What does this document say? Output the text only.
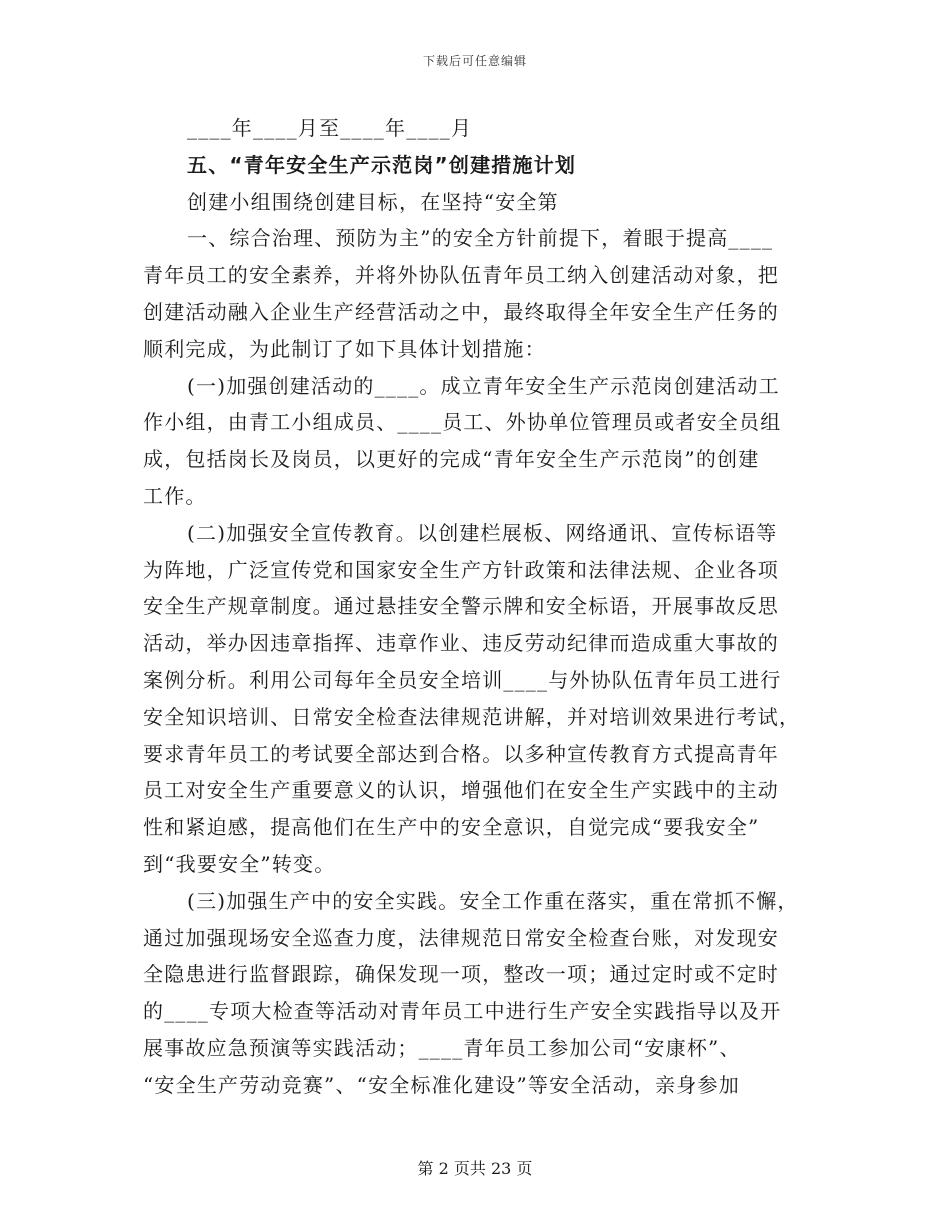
下载后可任意编辑
____年____月至____年____月
五、“青年安全生产示范岗”创建措施计划
创建小组围绕创建目标，在坚持“安全第
一、综合治理、预防为主”的安全方针前提下，着眼于提高____
青年员工的安全素养，并将外协队伍青年员工纳入创建活动对象，把
创建活动融入企业生产经营活动之中，最终取得全年安全生产任务的
顺利完成，为此制订了如下具体计划措施：
(一)加强创建活动的____。成立青年安全生产示范岗创建活动工
作小组，由青工小组成员、____员工、外协单位管理员或者安全员组
成，包括岗长及岗员，以更好的完成“青年安全生产示范岗”的创建
工作。
(二)加强安全宣传教育。以创建栏展板、网络通讯、宣传标语等
为阵地，广泛宣传党和国家安全生产方针政策和法律法规、企业各项
安全生产规章制度。通过悬挂安全警示牌和安全标语，开展事故反思
活动，举办因违章指挥、违章作业、违反劳动纪律而造成重大事故的
案例分析。利用公司每年全员安全培训____与外协队伍青年员工进行
安全知识培训、日常安全检查法律规范讲解，并对培训效果进行考试，
要求青年员工的考试要全部达到合格。以多种宣传教育方式提高青年
员工对安全生产重要意义的认识，增强他们在安全生产实践中的主动
性和紧迫感，提高他们在生产中的安全意识，自觉完成“要我安全”
到“我要安全”转变。
(三)加强生产中的安全实践。安全工作重在落实，重在常抓不懈，
通过加强现场安全巡查力度，法律规范日常安全检查台账，对发现安
全隐患进行监督跟踪，确保发现一项，整改一项；通过定时或不定时
的____专项大检查等活动对青年员工中进行生产安全实践指导以及开
展事故应急预演等实践活动；____青年员工参加公司“安康杯”、
“安全生产劳动竞赛”、“安全标准化建设”等安全活动，亲身参加
第 2 页共 23 页
